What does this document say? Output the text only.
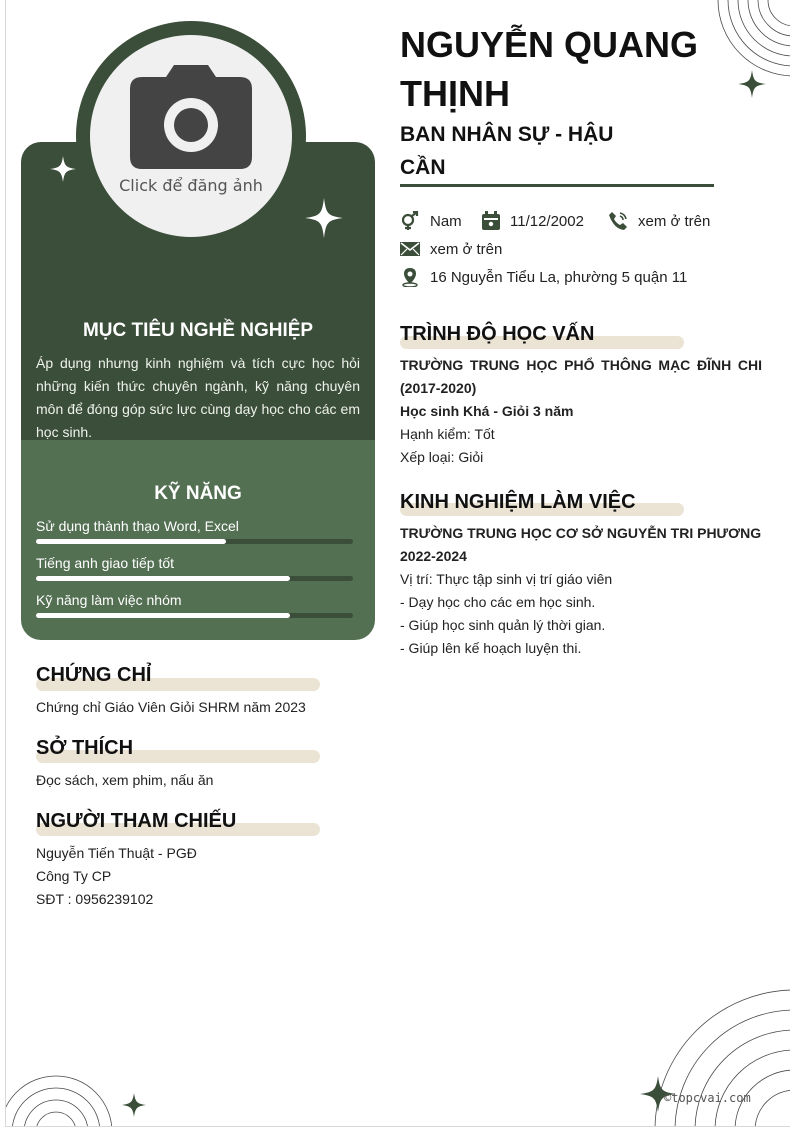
Click để đăng ảnh
MỤC TIÊU NGHỀ NGHIỆP
Áp dụng nhưng kinh nghiệm và tích cực học hỏi những kiến thức chuyên ngành, kỹ năng chuyên môn để đóng góp sức lực cùng dạy học cho các em học sinh.
KỸ NĂNG
Sử dụng thành thạo Word, Excel
Tiếng anh giao tiếp tốt
Kỹ năng làm việc nhóm
CHỨNG CHỈ
Chứng chỉ Giáo Viên Giỏi SHRM năm 2023
SỞ THÍCH
Đọc sách, xem phim, nấu ăn
NGƯỜI THAM CHIẾU
Nguyễn Tiến Thuật - PGĐ
Công Ty CP
SĐT : 0956239102
NGUYỄN QUANG THỊNH
BAN NHÂN SỰ - HẬU CẦN
Nam	11/12/2002	xem ở trên
xem ở trên
16 Nguyễn Tiểu La, phường 5 quận 11
TRÌNH ĐỘ HỌC VẤN
TRƯỜNG TRUNG HỌC PHỔ THÔNG MẠC ĐĨNH CHI (2017-2020)
Học sinh Khá - Giỏi 3 năm
Hạnh kiểm: Tốt
Xếp loại: Giỏi
KINH NGHIỆM LÀM VIỆC
TRƯỜNG TRUNG HỌC CƠ SỞ NGUYỄN TRI PHƯƠNG
2022-2024
Vị trí: Thực tập sinh vị trí giáo viên
- Dạy học cho các em học sinh.
- Giúp học sinh quản lý thời gian.
- Giúp lên kế hoạch luyện thi.
©topcvai.com
